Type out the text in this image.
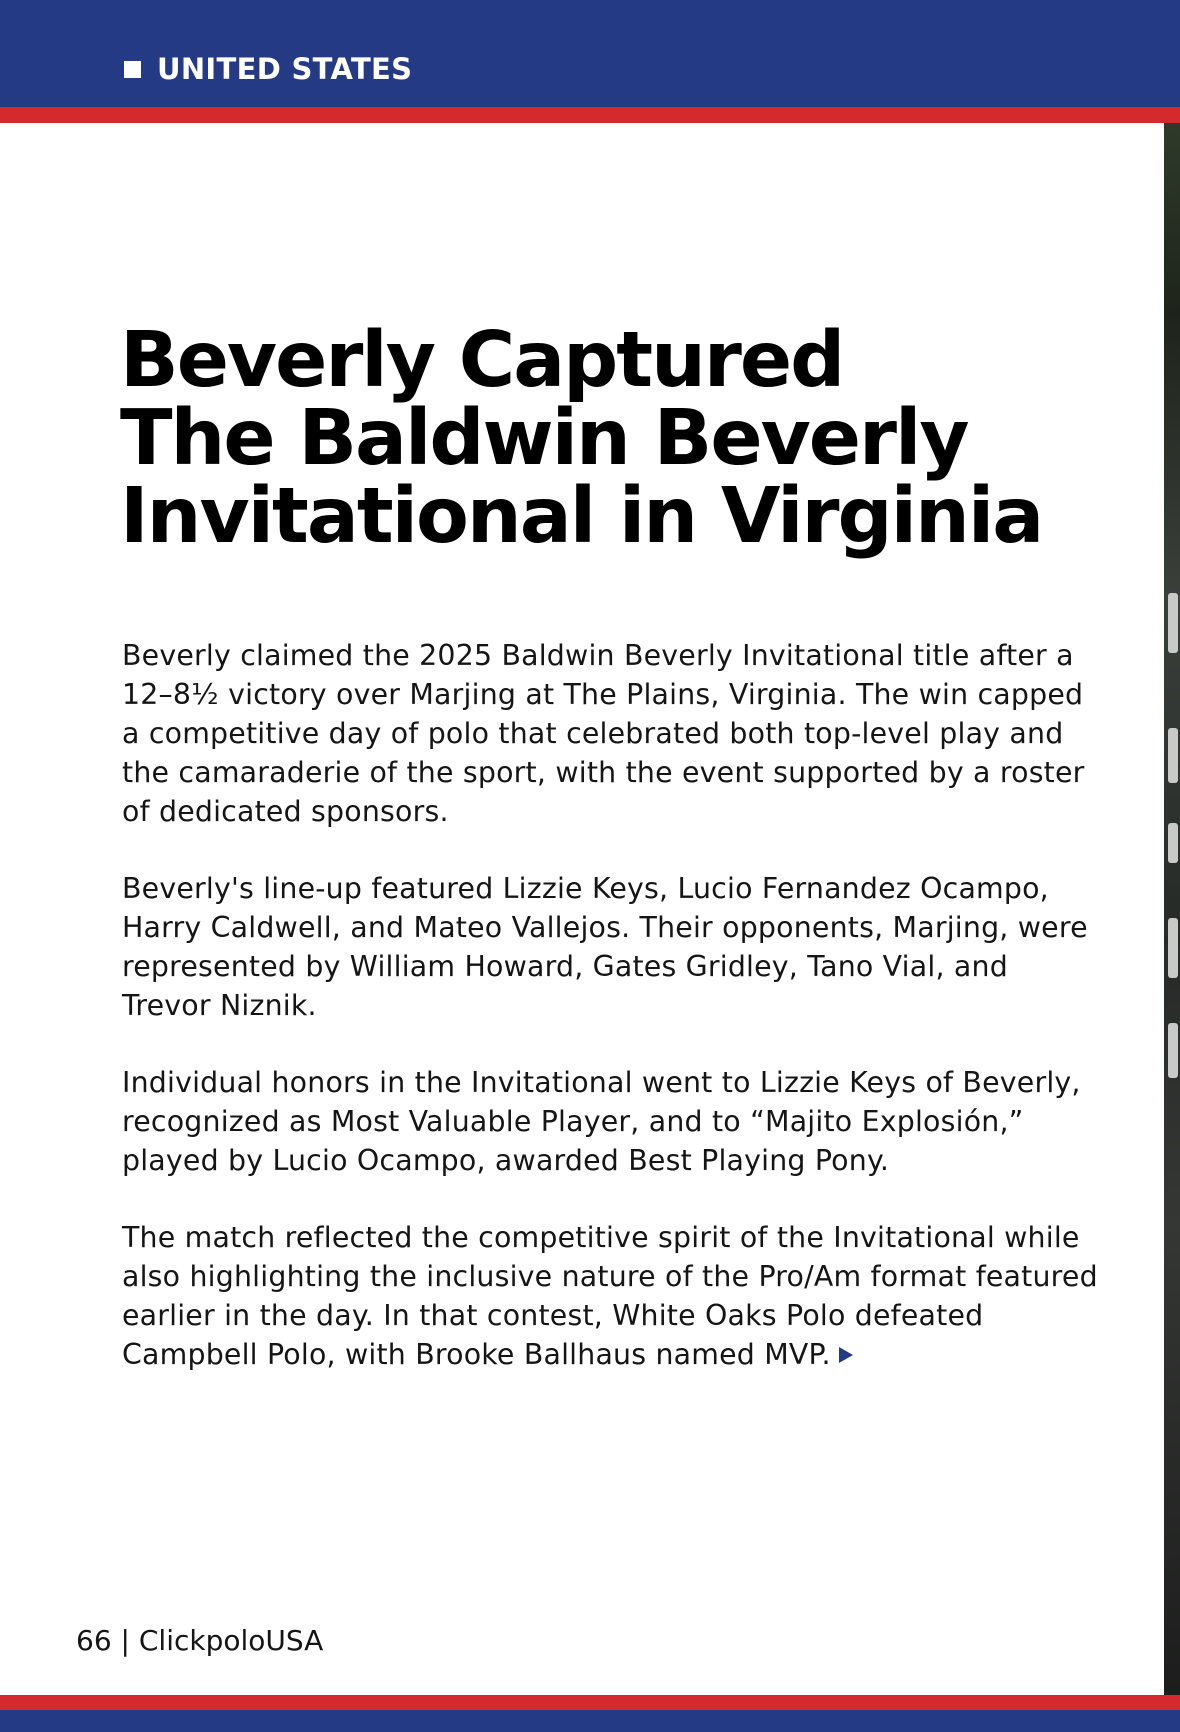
UNITED STATES
Beverly Captured
The Baldwin Beverly
Invitational in Virginia

Beverly claimed the 2025 Baldwin Beverly Invitational title after a 12–8½ victory over Marjing at The Plains, Virginia. The win capped a competitive day of polo that celebrated both top-level play and the camaraderie of the sport, with the event supported by a roster of dedicated sponsors.

Beverly's line-up featured Lizzie Keys, Lucio Fernandez Ocampo, Harry Caldwell, and Mateo Vallejos. Their opponents, Marjing, were represented by William Howard, Gates Gridley, Tano Vial, and Trevor Niznik.

Individual honors in the Invitational went to Lizzie Keys of Beverly, recognized as Most Valuable Player, and to “Majito Explosión,” played by Lucio Ocampo, awarded Best Playing Pony.

The match reflected the competitive spirit of the Invitational while also highlighting the inclusive nature of the Pro/Am format featured earlier in the day. In that contest, White Oaks Polo defeated Campbell Polo, with Brooke Ballhaus named MVP.

66 | ClickpoloUSA
